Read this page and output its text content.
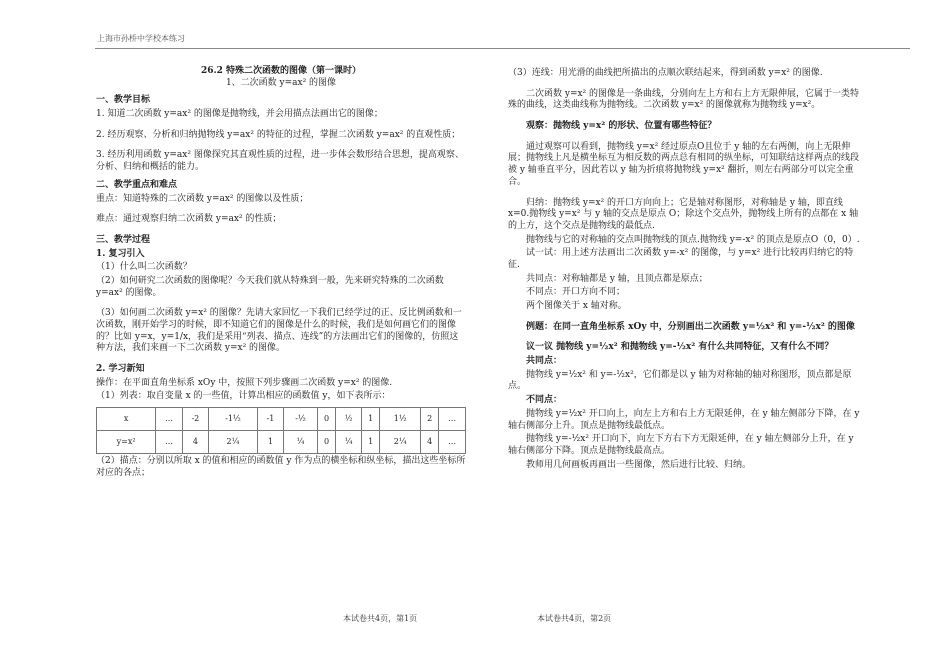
上海市孙桥中学校本练习
26.2 特殊二次函数的图像（第一课时）
1、二次函数 y=ax² 的图像
一、教学目标
1. 知道二次函数 y=ax² 的图像是抛物线，并会用描点法画出它的图像；
2. 经历观察、分析和归纳抛物线 y=ax² 的特征的过程，掌握二次函数 y=ax² 的直观性质；
3. 经历利用函数 y=ax² 图像探究其直观性质的过程，进一步体会数形结合思想，提高观察、分析、归纳和概括的能力。
二、教学重点和难点
重点：知道特殊的二次函数 y=ax² 的图像以及性质；
难点：通过观察归纳二次函数 y=ax² 的性质；
三、教学过程
1. 复习引入
（1）什么叫二次函数？
（2）如何研究二次函数的图像呢？今天我们就从特殊到一般，先来研究特殊的二次函数 y=ax² 的图像。
（3）如何画二次函数 y=x² 的图像？先请大家回忆一下我们已经学过的正、反比例函数和一次函数，刚开始学习的时候，即不知道它们的图像是什么的时候，我们是如何画它们的图像的？比如 y=x，y=1/x，我们是采用“列表、描点、连线”的方法画出它们的图像的，仿照这种方法，我们来画一下二次函数 y=x² 的图像。
2. 学习新知
操作：在平面直角坐标系 xOy 中，按照下列步骤画二次函数 y=x² 的图像.
（1）列表：取自变量 x 的一些值，计算出相应的函数值 y，如下表所示：
x	…	-2	-1½	-1	-½	0	½	1	1½	2	…
y=x²	…	4	2¼	1	¼	0	¼	1	2¼	4	…
（2）描点：分别以所取 x 的值和相应的函数值 y 作为点的横坐标和纵坐标，描出这些坐标所对应的各点；
（3）连线：用光滑的曲线把所描出的点顺次联结起来，得到函数 y=x² 的图像.
二次函数 y=x² 的图像是一条曲线，分别向左上方和右上方无限伸展，它属于一类特殊的曲线，这类曲线称为抛物线。二次函数 y=x² 的图像就称为抛物线 y=x²。
观察：抛物线 y=x² 的形状、位置有哪些特征？
通过观察可以看到，抛物线 y=x² 经过原点O且位于 y 轴的左右两侧，向上无限伸展；抛物线上凡是横坐标互为相反数的两点总有相同的纵坐标，可知联结这样两点的线段被 y 轴垂直平分，因此若以 y 轴为折痕将抛物线 y=x² 翻折，则左右两部分可以完全重合。
归纳：抛物线 y=x² 的开口方向向上；它是轴对称图形，对称轴是 y 轴，即直线 x=0.抛物线 y=x² 与 y 轴的交点是原点 O；除这个交点外，抛物线上所有的点都在 x 轴的上方，这个交点是抛物线的最低点.
抛物线与它的对称轴的交点叫抛物线的顶点.抛物线 y=-x² 的顶点是原点O（0，0）.
试一试：用上述方法画出二次函数 y=-x² 的图像，与 y=x² 进行比较再归纳它的特征.
共同点：对称轴都是 y 轴，且顶点都是原点；
不同点：开口方向不同；
两个图像关于 x 轴对称。
例题：在同一直角坐标系 xOy 中，分别画出二次函数 y=½x² 和 y=-½x² 的图像
议一议 抛物线 y=½x² 和抛物线 y=-½x² 有什么共同特征，又有什么不同？
共同点：
抛物线 y=½x² 和 y=-½x²，它们都是以 y 轴为对称轴的轴对称图形，顶点都是原点。
不同点：
抛物线 y=½x² 开口向上，向左上方和右上方无限延伸，在 y 轴左侧部分下降，在 y 轴右侧部分上升。顶点是抛物线最低点。
抛物线 y=-½x² 开口向下，向左下方右下方无限延伸，在 y 轴左侧部分上升，在 y 轴右侧部分下降。顶点是抛物线最高点。
教师用几何画板再画出一些图像，然后进行比较、归纳。
本试卷共4页，第1页	本试卷共4页，第2页
